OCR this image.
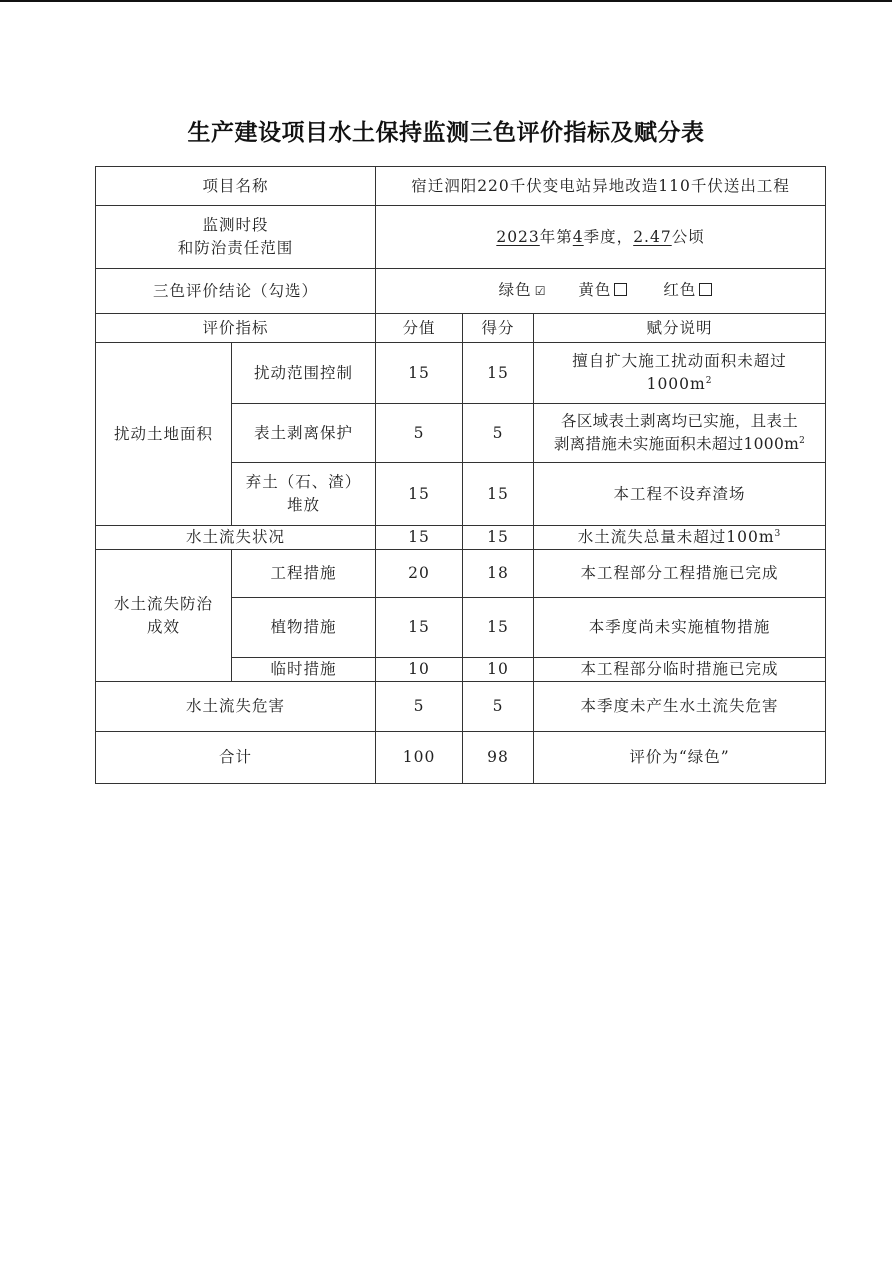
生产建设项目水土保持监测三色评价指标及赋分表
项目名称		宿迁泗阳220千伏变电站异地改造110千伏送出工程		

监测时段
和防治责任范围		2023年第4季度，2.47公顷		
三色评价结论（勾选）		绿色 ☑ 黄色 红色		
评价指标		分值	得分	赋分说明
扰动土地面积	扰动范围控制	15	15	擅自扩大施工扰动面积未超过
$1000m^2$

	表土剥离保护	5	5	各区域表土剥离均已实施，且表土
剥离措施未实施面积未超过$1000m^2$

	弃土（石、渣）
堆放	15	15	本工程不设弃渣场
水土流失状况		15	15	水土流失总量未超过$100m^3$

水土流失防治
成效	工程措施	20	18	本工程部分工程措施已完成
	植物措施	15	15	本季度尚未实施植物措施
	临时措施	10	10	本工程部分临时措施已完成
水土流失危害		5	5	本季度未产生水土流失危害
合计		100	98	评价为“绿色”
